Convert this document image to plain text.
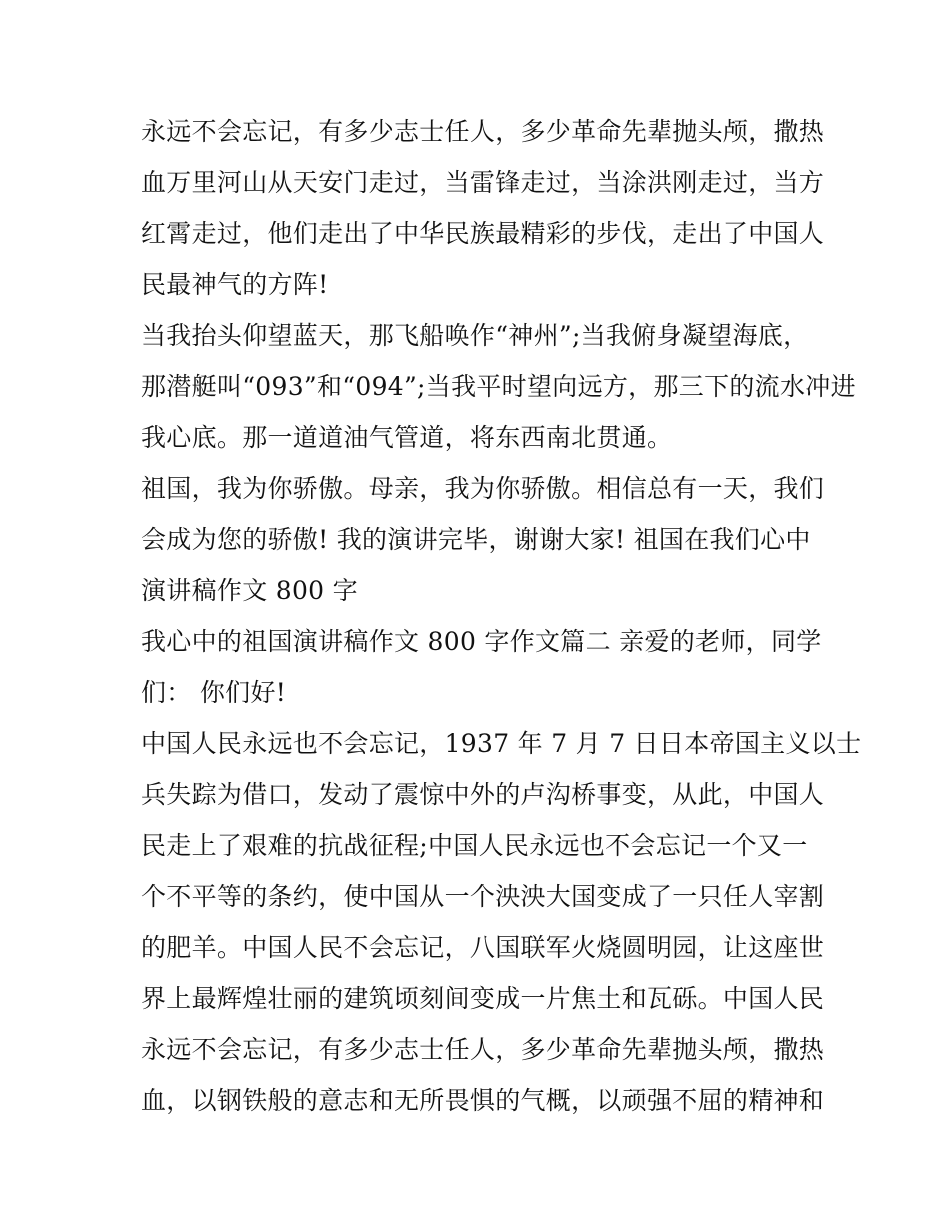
永远不会忘记，有多少志士任人，多少革命先辈抛头颅，撒热
血万里河山从天安门走过，当雷锋走过，当涂洪刚走过，当方
红霄走过，他们走出了中华民族最精彩的步伐，走出了中国人
民最神气的方阵!
当我抬头仰望蓝天，那飞船唤作“神州”;当我俯身凝望海底，
那潜艇叫“093”和“094”;当我平时望向远方，那三下的流水冲进
我心底。那一道道油气管道，将东西南北贯通。
祖国，我为你骄傲。母亲，我为你骄傲。相信总有一天，我们
会成为您的骄傲! 我的演讲完毕，谢谢大家! 祖国在我们心中
演讲稿作文 800 字
我心中的祖国演讲稿作文 800 字作文篇二 亲爱的老师，同学
们： 你们好!
中国人民永远也不会忘记，1937 年 7 月 7 日日本帝国主义以士
兵失踪为借口，发动了震惊中外的卢沟桥事变，从此，中国人
民走上了艰难的抗战征程;中国人民永远也不会忘记一个又一
个不平等的条约，使中国从一个泱泱大国变成了一只任人宰割
的肥羊。中国人民不会忘记，八国联军火烧圆明园，让这座世
界上最辉煌壮丽的建筑顷刻间变成一片焦土和瓦砾。中国人民
永远不会忘记，有多少志士任人，多少革命先辈抛头颅，撒热
血，以钢铁般的意志和无所畏惧的气概，以顽强不屈的精神和
